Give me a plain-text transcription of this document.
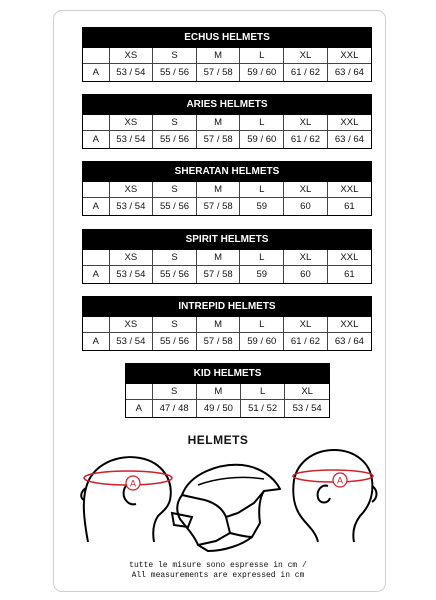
ECHUS HELMETS
	XS	S	M	L	XL	XXL
A	53 / 54	55 / 56	57 / 58	59 / 60	61 / 62	63 / 64
ARIES HELMETS
	XS	S	M	L	XL	XXL
A	53 / 54	55 / 56	57 / 58	59 / 60	61 / 62	63 / 64
SHERATAN HELMETS
	XS	S	M	L	XL	XXL
A	53 / 54	55 / 56	57 / 58	59	60	61
SPIRIT HELMETS
	XS	S	M	L	XL	XXL
A	53 / 54	55 / 56	57 / 58	59	60	61
INTREPID HELMETS
	XS	S	M	L	XL	XXL
A	53 / 54	55 / 56	57 / 58	59 / 60	61 / 62	63 / 64
KID HELMETS
	S	M	L	XL
A	47 / 48	49 / 50	51 / 52	53 / 54
HELMETS
A	A
tutte le misure sono espresse in cm /
All measurements are expressed in cm
